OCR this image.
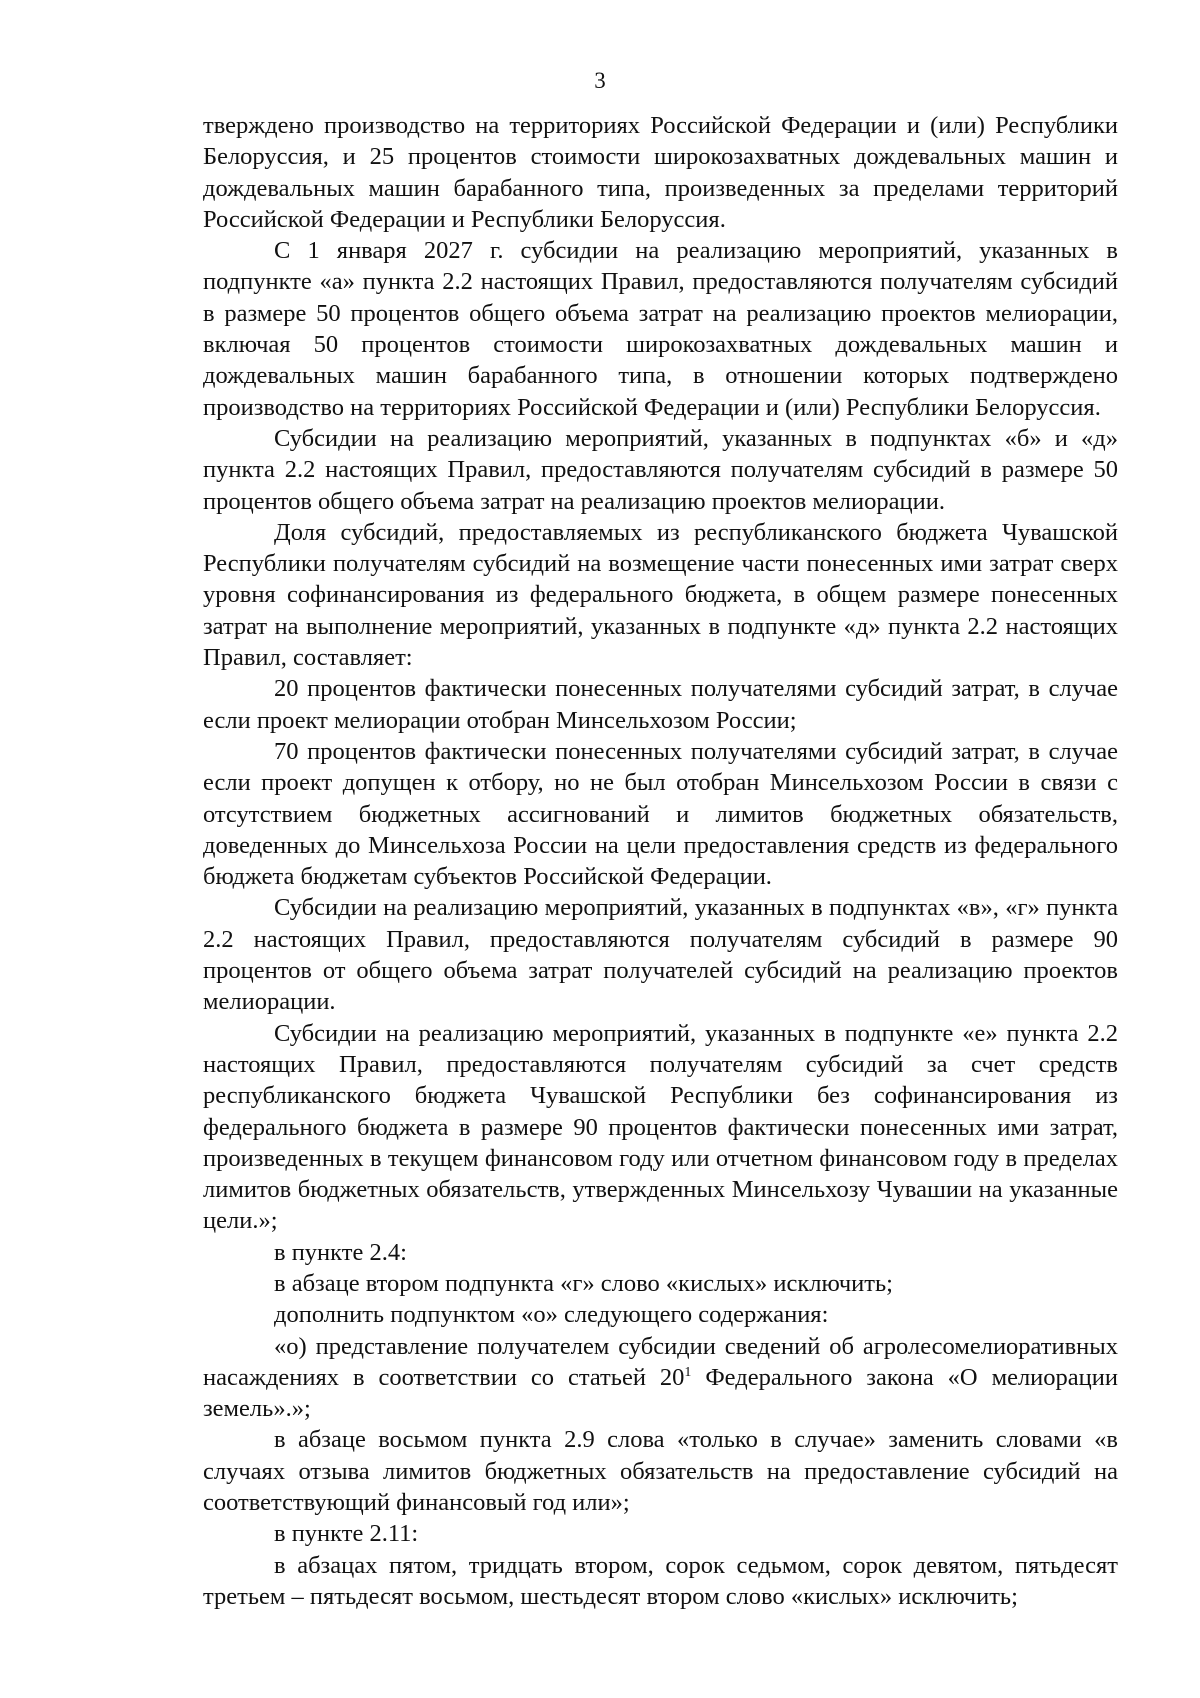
3

тверждено производство на территориях Российской Федерации и (или) Республики Белоруссия, и 25 процентов стоимости широкозахватных дождевальных машин и дождевальных машин барабанного типа, произведенных за пределами территорий Российской Федерации и Республики Белоруссия.

С 1 января 2027 г. субсидии на реализацию мероприятий, указанных в подпункте «а» пункта 2.2 настоящих Правил, предоставляются получателям субсидий в размере 50 процентов общего объема затрат на реализацию проектов мелиорации, включая 50 процентов стоимости широкозахватных дождевальных машин и дождевальных машин барабанного типа, в отношении которых подтверждено производство на территориях Российской Федерации и (или) Республики Белоруссия.

Субсидии на реализацию мероприятий, указанных в подпунктах «б» и «д» пункта 2.2 настоящих Правил, предоставляются получателям субсидий в размере 50 процентов общего объема затрат на реализацию проектов мелиорации.

Доля субсидий, предоставляемых из республиканского бюджета Чувашской Республики получателям субсидий на возмещение части понесенных ими затрат сверх уровня софинансирования из федерального бюджета, в общем размере понесенных затрат на выполнение мероприятий, указанных в подпункте «д» пункта 2.2 настоящих Правил, составляет:

20 процентов фактически понесенных получателями субсидий затрат, в случае если проект мелиорации отобран Минсельхозом России;

70 процентов фактически понесенных получателями субсидий затрат, в случае если проект допущен к отбору, но не был отобран Минсельхозом России в связи с отсутствием бюджетных ассигнований и лимитов бюджетных обязательств, доведенных до Минсельхоза России на цели предоставления средств из федерального бюджета бюджетам субъектов Российской Федерации.

Субсидии на реализацию мероприятий, указанных в подпунктах «в», «г» пункта 2.2 настоящих Правил, предоставляются получателям субсидий в размере 90 процентов от общего объема затрат получателей субсидий на реализацию проектов мелиорации.

Субсидии на реализацию мероприятий, указанных в подпункте «е» пункта 2.2 настоящих Правил, предоставляются получателям субсидий за счет средств республиканского бюджета Чувашской Республики без софинансирования из федерального бюджета в размере 90 процентов фактически понесенных ими затрат, произведенных в текущем финансовом году или отчетном финансовом году в пределах лимитов бюджетных обязательств, утвержденных Минсельхозу Чувашии на указанные цели.»;

в пункте 2.4:

в абзаце втором подпункта «г» слово «кислых» исключить;

дополнить подпунктом «о» следующего содержания:

«о) представление получателем субсидии сведений об агролесомелиоративных насаждениях в соответствии со статьей $20^1$ Федерального закона «О мелиорации земель».»;

в абзаце восьмом пункта 2.9 слова «только в случае» заменить словами «в случаях отзыва лимитов бюджетных обязательств на предоставление субсидий на соответствующий финансовый год или»;

в пункте 2.11:

в абзацах пятом, тридцать втором, сорок седьмом, сорок девятом, пятьдесят третьем – пятьдесят восьмом, шестьдесят втором слово «кислых» исключить;
